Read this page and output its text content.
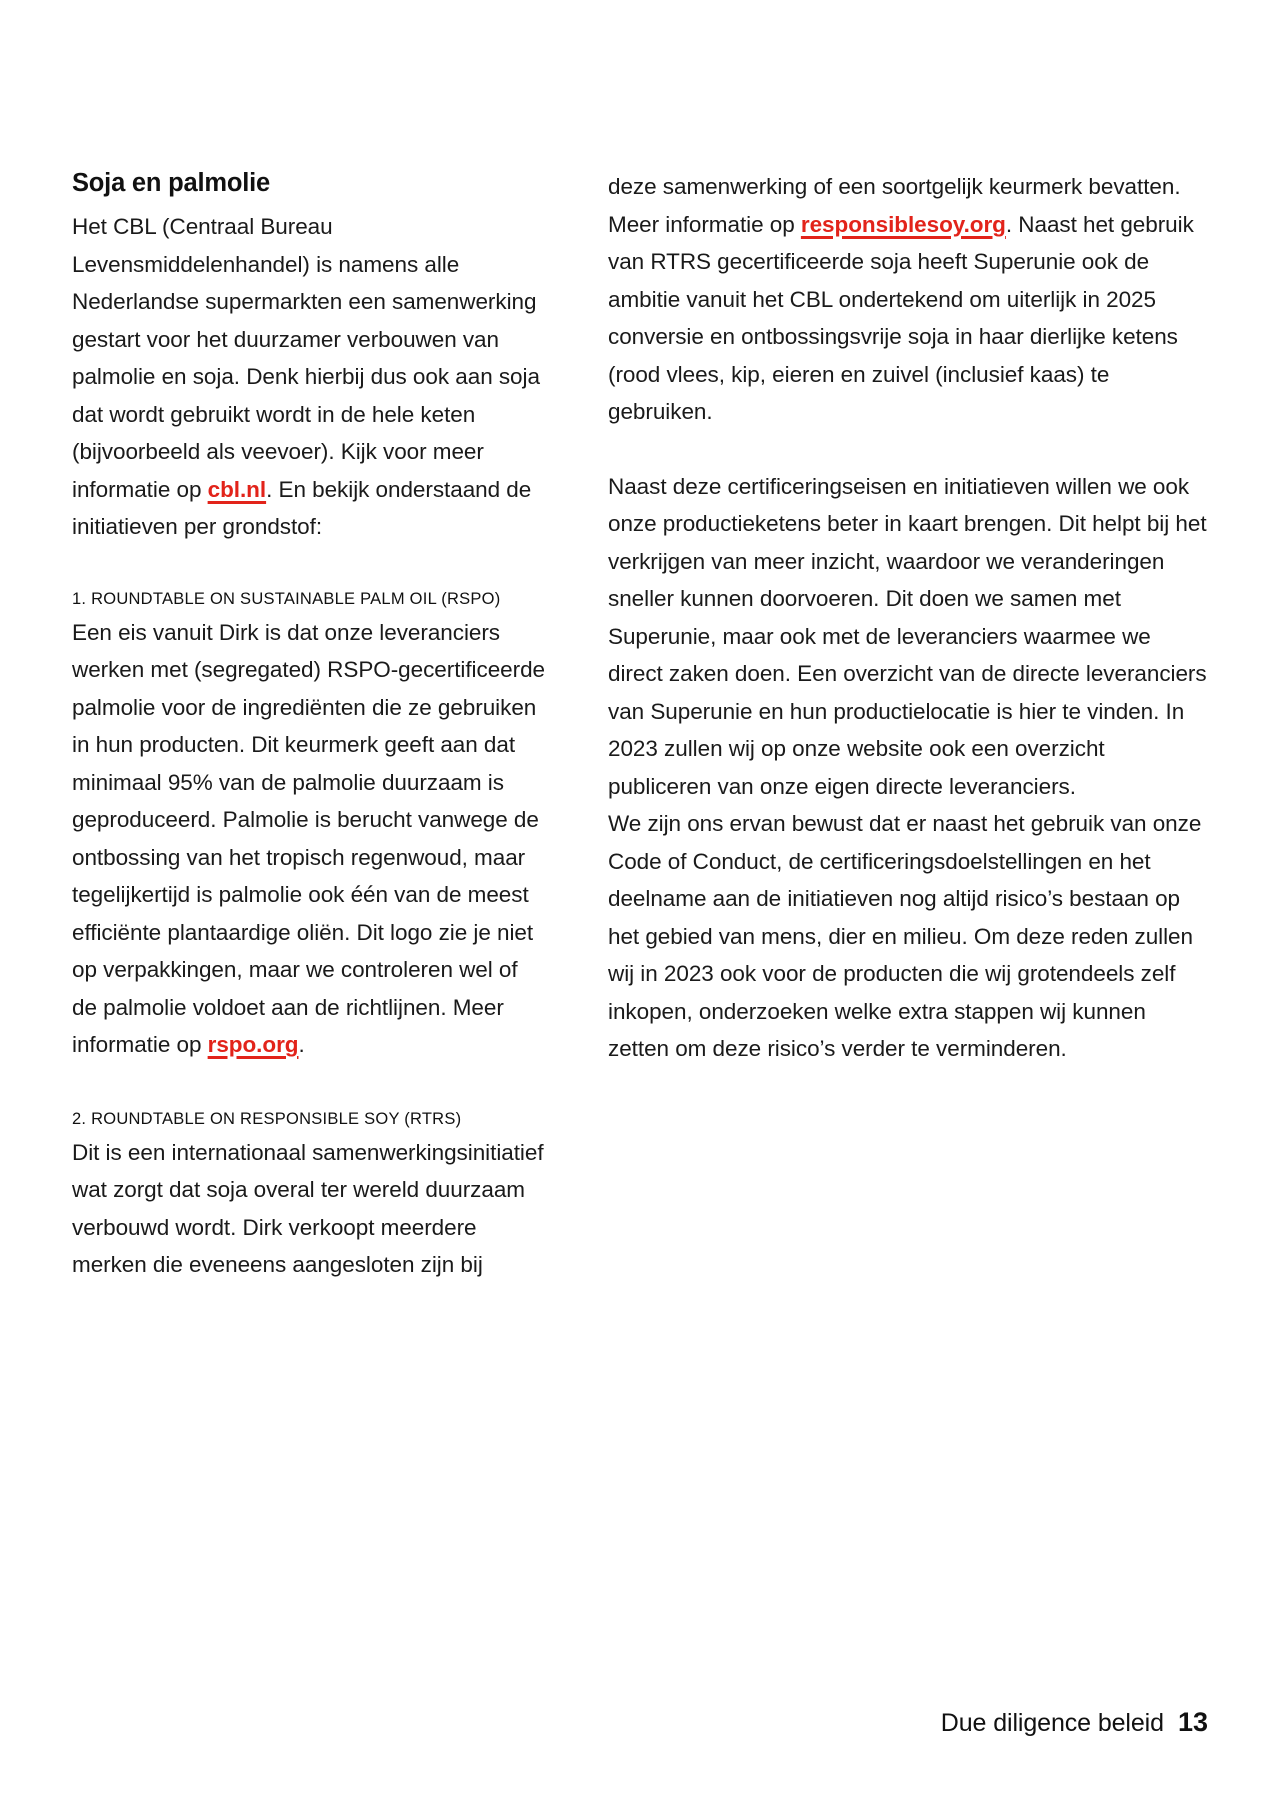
Soja en palmolie

Het CBL (Centraal Bureau Levensmiddelenhandel) is namens alle Nederlandse supermarkten een samenwerking gestart voor het duurzamer verbouwen van palmolie en soja. Denk hierbij dus ook aan soja dat wordt gebruikt wordt in de hele keten (bijvoorbeeld als veevoer). Kijk voor meer informatie op cbl.nl. En bekijk onderstaand de initiatieven per grondstof:

1. ROUNDTABLE ON SUSTAINABLE PALM OIL (RSPO)

Een eis vanuit Dirk is dat onze leveranciers werken met (segregated) RSPO-gecertificeerde palmolie voor de ingrediënten die ze gebruiken in hun producten. Dit keurmerk geeft aan dat minimaal 95% van de palmolie duurzaam is geproduceerd. Palmolie is berucht vanwege de ontbossing van het tropisch regenwoud, maar tegelijkertijd is palmolie ook één van de meest efficiënte plantaardige oliën. Dit logo zie je niet op verpakkingen, maar we controleren wel of de palmolie voldoet aan de richtlijnen. Meer informatie op rspo.org.

2. ROUNDTABLE ON RESPONSIBLE SOY (RTRS)

Dit is een internationaal samenwerkingsinitiatief wat zorgt dat soja overal ter wereld duurzaam verbouwd wordt. Dirk verkoopt meerdere merken die eveneens aangesloten zijn bij

deze samenwerking of een soortgelijk keurmerk bevatten. Meer informatie op responsiblesoy.org. Naast het gebruik van RTRS gecertificeerde soja heeft Superunie ook de ambitie vanuit het CBL ondertekend om uiterlijk in 2025 conversie en ontbossingsvrije soja in haar dierlijke ketens (rood vlees, kip, eieren en zuivel (inclusief kaas) te gebruiken.

Naast deze certificeringseisen en initiatieven willen we ook onze productieketens beter in kaart brengen. Dit helpt bij het verkrijgen van meer inzicht, waardoor we veranderingen sneller kunnen doorvoeren. Dit doen we samen met Superunie, maar ook met de leveranciers waarmee we direct zaken doen. Een overzicht van de directe leveranciers van Superunie en hun productielocatie is hier te vinden. In 2023 zullen wij op onze website ook een overzicht publiceren van onze eigen directe leveranciers.

We zijn ons ervan bewust dat er naast het gebruik van onze Code of Conduct, de certificeringsdoelstellingen en het deelname aan de initiatieven nog altijd risico’s bestaan op het gebied van mens, dier en milieu. Om deze reden zullen wij in 2023 ook voor de producten die wij grotendeels zelf inkopen, onderzoeken welke extra stappen wij kunnen zetten om deze risico’s verder te verminderen.

Due diligence beleid 13
